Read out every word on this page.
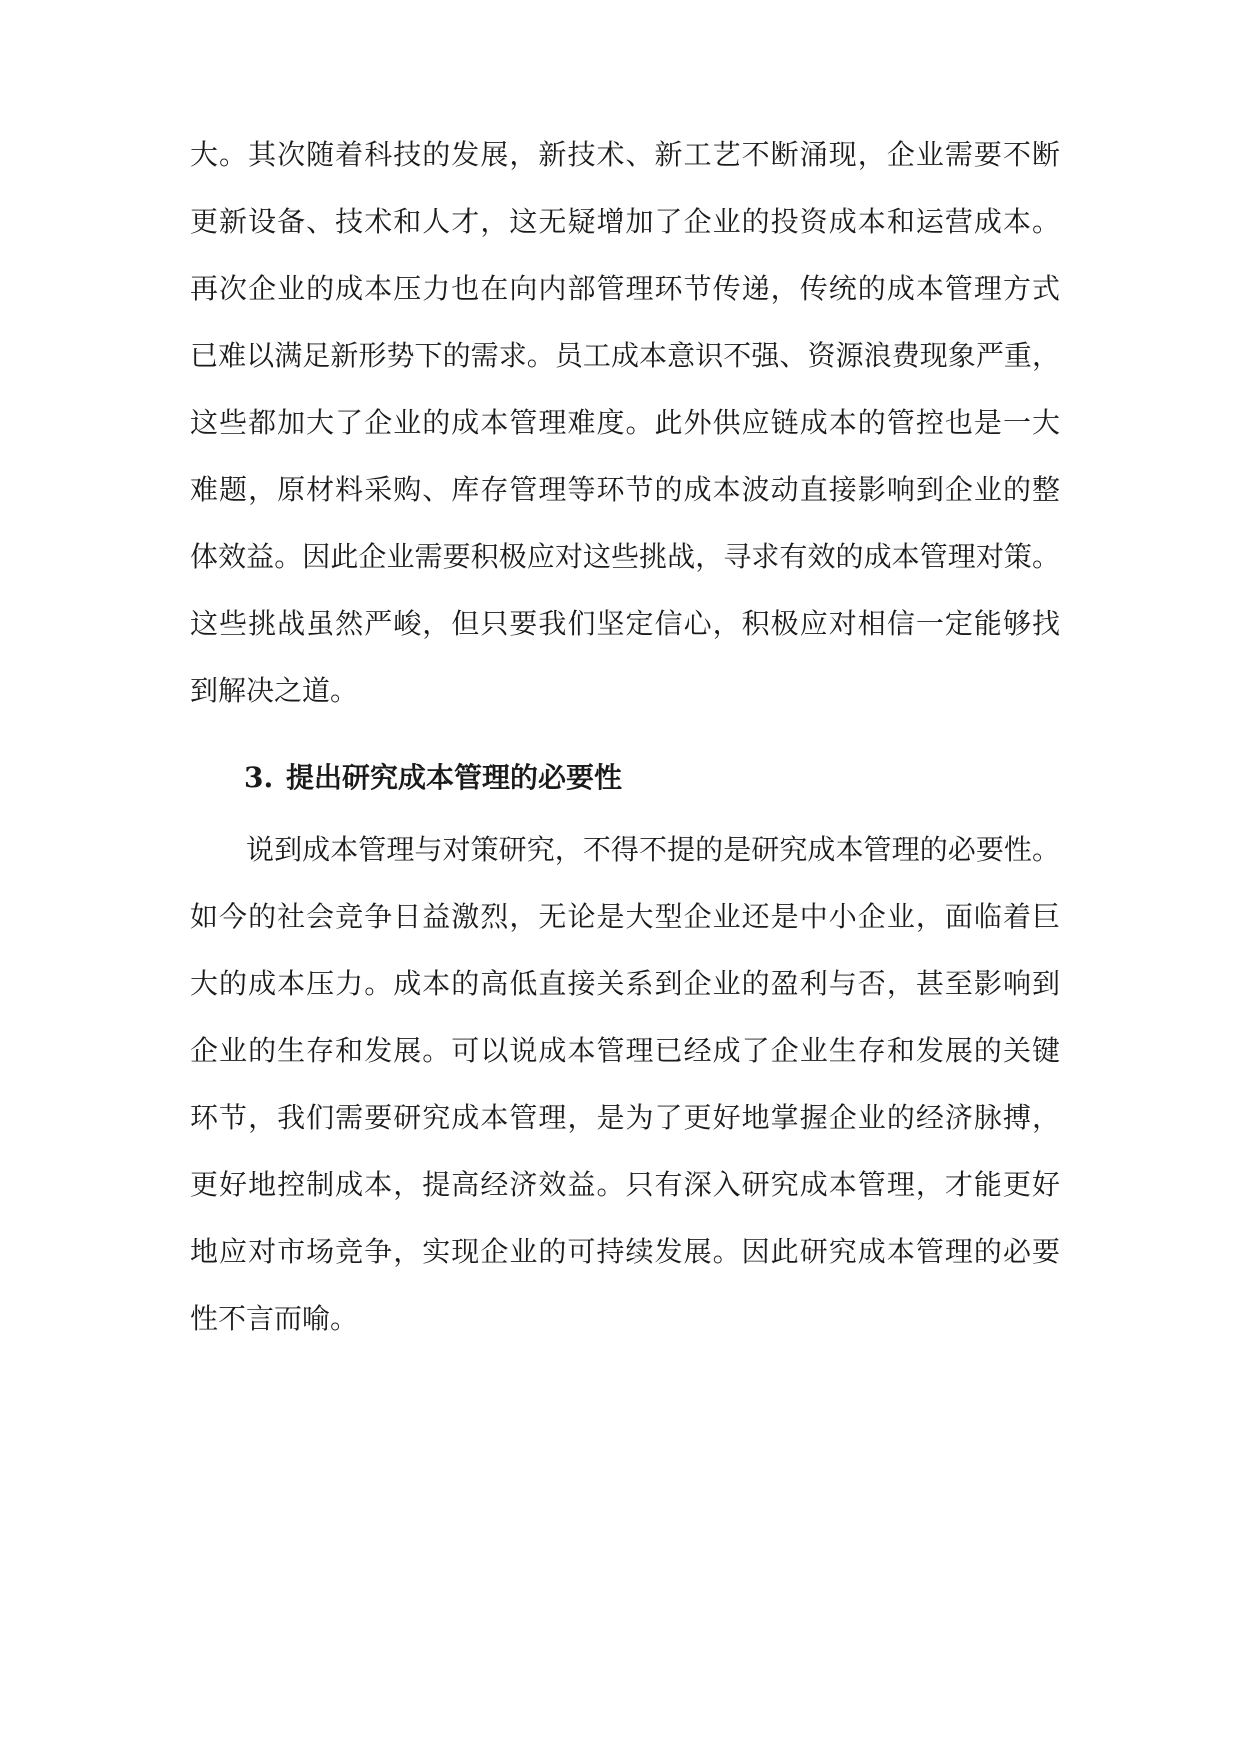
大。其次随着科技的发展，新技术、新工艺不断涌现，企业需要不断
更新设备、技术和人才，这无疑增加了企业的投资成本和运营成本。
再次企业的成本压力也在向内部管理环节传递，传统的成本管理方式
已难以满足新形势下的需求。员工成本意识不强、资源浪费现象严重，
这些都加大了企业的成本管理难度。此外供应链成本的管控也是一大
难题，原材料采购、库存管理等环节的成本波动直接影响到企业的整
体效益。因此企业需要积极应对这些挑战，寻求有效的成本管理对策。
这些挑战虽然严峻，但只要我们坚定信心，积极应对相信一定能够找
到解决之道。
3. 提出研究成本管理的必要性
说到成本管理与对策研究，不得不提的是研究成本管理的必要性。
如今的社会竞争日益激烈，无论是大型企业还是中小企业，面临着巨
大的成本压力。成本的高低直接关系到企业的盈利与否，甚至影响到
企业的生存和发展。可以说成本管理已经成了企业生存和发展的关键
环节，我们需要研究成本管理，是为了更好地掌握企业的经济脉搏，
更好地控制成本，提高经济效益。只有深入研究成本管理，才能更好
地应对市场竞争，实现企业的可持续发展。因此研究成本管理的必要
性不言而喻。
